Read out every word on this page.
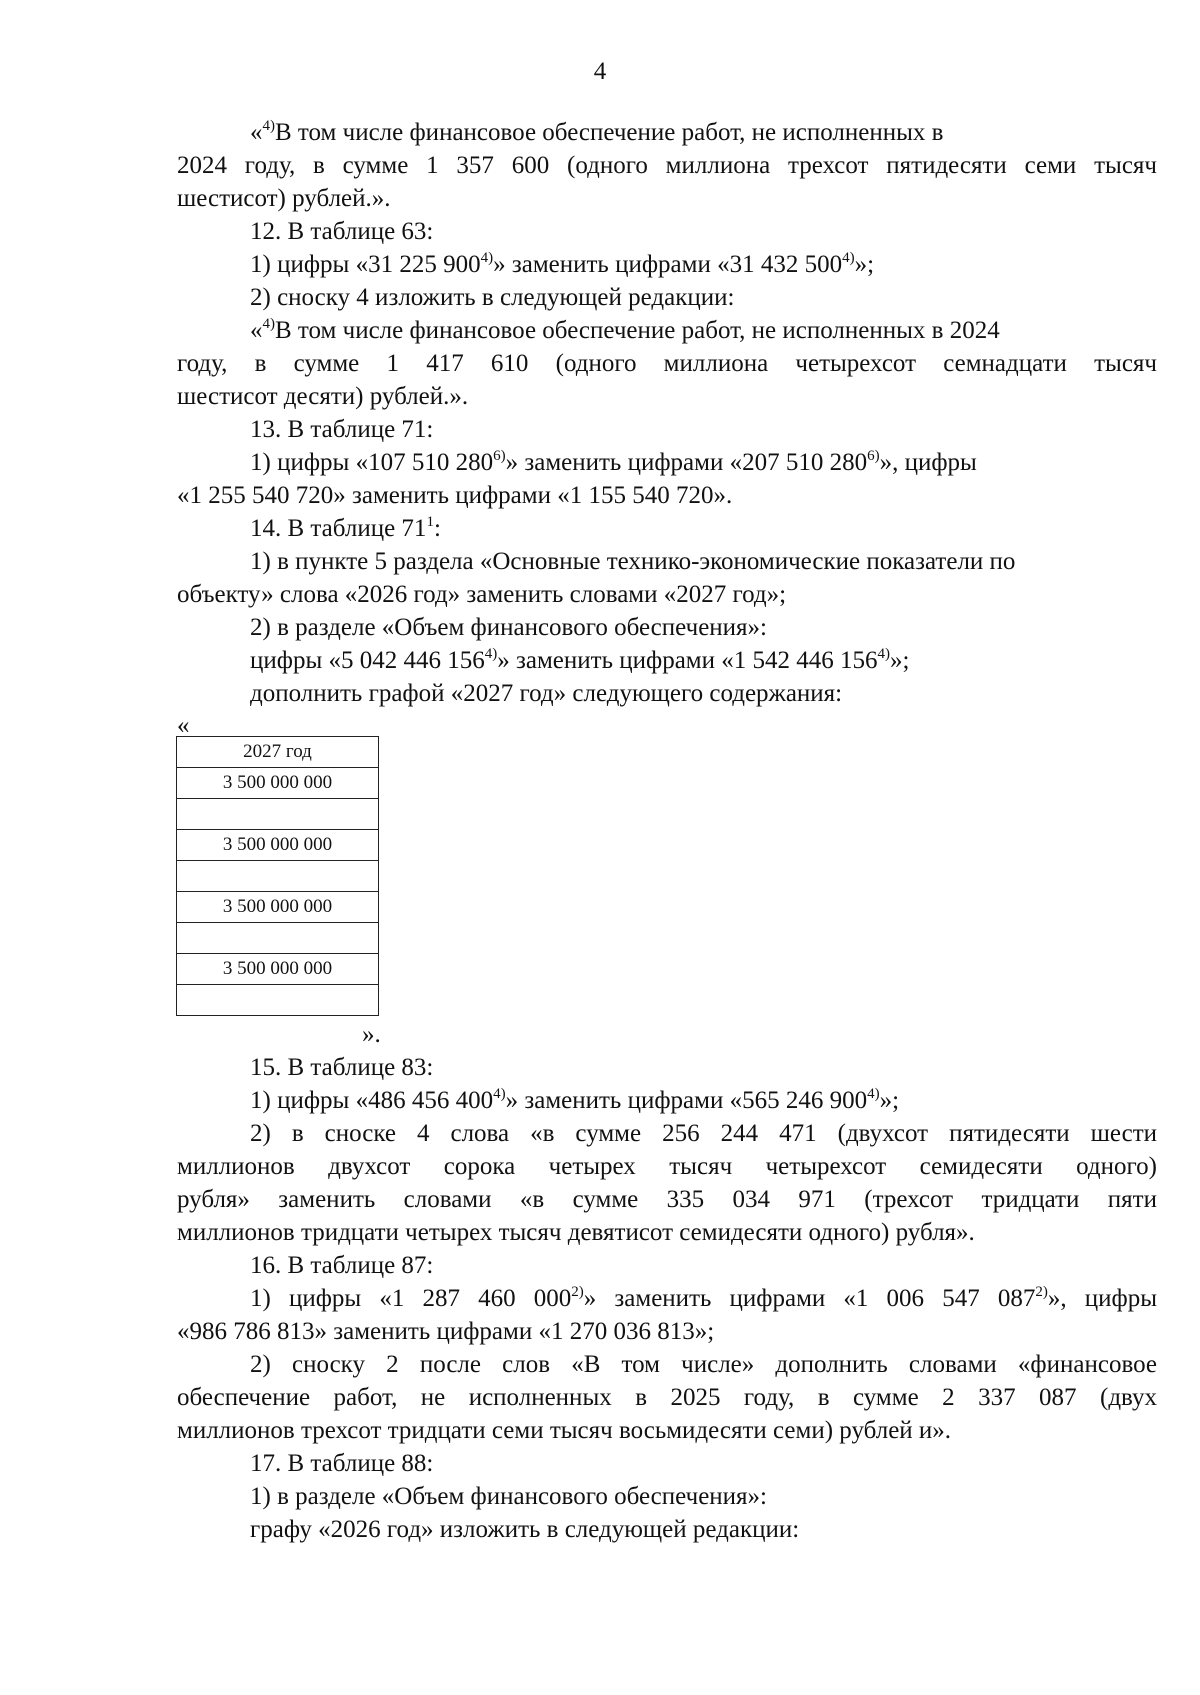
4
«$^{4)}$В том числе финансовое обеспечение работ, не исполненных в
2024 году, в сумме 1 357 600 (одного миллиона трехсот пятидесяти семи тысяч
шестисот) рублей.».
12. В таблице 63:
1) цифры «31 225 900$^{4)}$» заменить цифрами «31 432 500$^{4)}$»;
2) сноску 4 изложить в следующей редакции:
«$^{4)}$В том числе финансовое обеспечение работ, не исполненных в 2024
году, в сумме 1 417 610 (одного миллиона четырехсот семнадцати тысяч
шестисот десяти) рублей.».
13. В таблице 71:
1) цифры «107 510 280$^{6)}$» заменить цифрами «207 510 280$^{6)}$», цифры
«1 255 540 720» заменить цифрами «1 155 540 720».
14. В таблице $71^1$:
1) в пункте 5 раздела «Основные технико-экономические показатели по
объекту» слова «2026 год» заменить словами «2027 год»;
2) в разделе «Объем финансового обеспечения»:
цифры «5 042 446 156$^{4)}$» заменить цифрами «1 542 446 156$^{4)}$»;
дополнить графой «2027 год» следующего содержания:
«
2027 год
3 500 000 000

3 500 000 000

3 500 000 000

3 500 000 000

».
15. В таблице 83:
1) цифры «486 456 400$^{4)}$» заменить цифрами «565 246 900$^{4)}$»;
2) в сноске 4 слова «в сумме 256 244 471 (двухсот пятидесяти шести
миллионов двухсот сорока четырех тысяч четырехсот семидесяти одного)
рубля» заменить словами «в сумме 335 034 971 (трехсот тридцати пяти
миллионов тридцати четырех тысяч девятисот семидесяти одного) рубля».
16. В таблице 87:
1) цифры «1 287 460 000$^{2)}$» заменить цифрами «1 006 547 087$^{2)}$», цифры
«986 786 813» заменить цифрами «1 270 036 813»;
2) сноску 2 после слов «В том числе» дополнить словами «финансовое
обеспечение работ, не исполненных в 2025 году, в сумме 2 337 087 (двух
миллионов трехсот тридцати семи тысяч восьмидесяти семи) рублей и».
17. В таблице 88:
1) в разделе «Объем финансового обеспечения»:
графу «2026 год» изложить в следующей редакции:
